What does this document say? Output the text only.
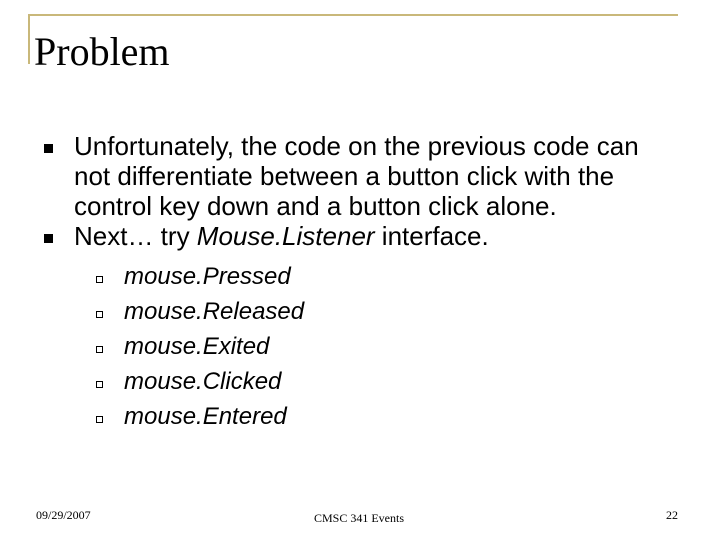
Problem
Unfortunately, the code on the previous code can not differentiate between a button click with the control key down and a button click alone.
Next… try Mouse.Listener interface.
mouse.Pressed
mouse.Released
mouse.Exited
mouse.Clicked
mouse.Entered
09/29/2007	CMSC 341 Events	22
